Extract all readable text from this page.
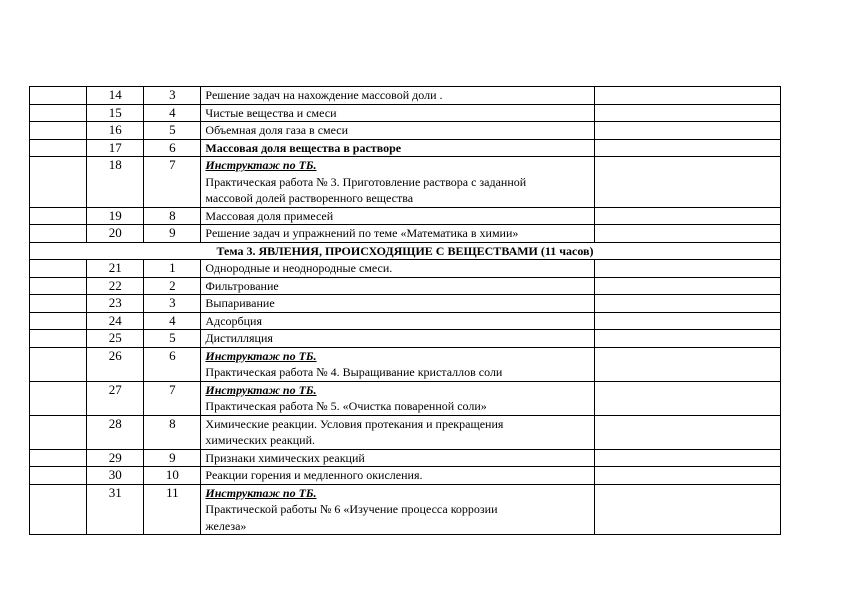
	14	3	Решение задач на нахождение массовой доли .	
	15	4	Чистые вещества и смеси	
	16	5	Объемная доля газа в смеси	
	17	6	Массовая доля вещества в растворе	
	18	7	Инструктаж по ТБ.
Практическая работа № 3. Приготовление раствора с заданной
массовой долей растворенного вещества	

	19	8	Массовая доля примесей	
	20	9	Решение задач и упражнений по теме «Математика в химии»	
Тема 3. ЯВЛЕНИЯ, ПРОИСХОДЯЩИЕ С ВЕЩЕСТВАМИ (11 часов)				
	21	1	Однородные и неоднородные смеси.	
	22	2	Фильтрование	
	23	3	Выпаривание	
	24	4	Адсорбция	
	25	5	Дистилляция	
	26	6	Инструктаж по ТБ.
Практическая работа № 4. Выращивание кристаллов соли	

	27	7	Инструктаж по ТБ.
Практическая работа № 5. «Очистка поваренной соли»	

	28	8	Химические реакции. Условия протекания и прекращения
химических реакций.	

	29	9	Признаки химических реакций	
	30	10	Реакции горения и медленного окисления.	
	31	11	Инструктаж по ТБ.
Практической работы № 6 «Изучение процесса коррозии
железа»	
